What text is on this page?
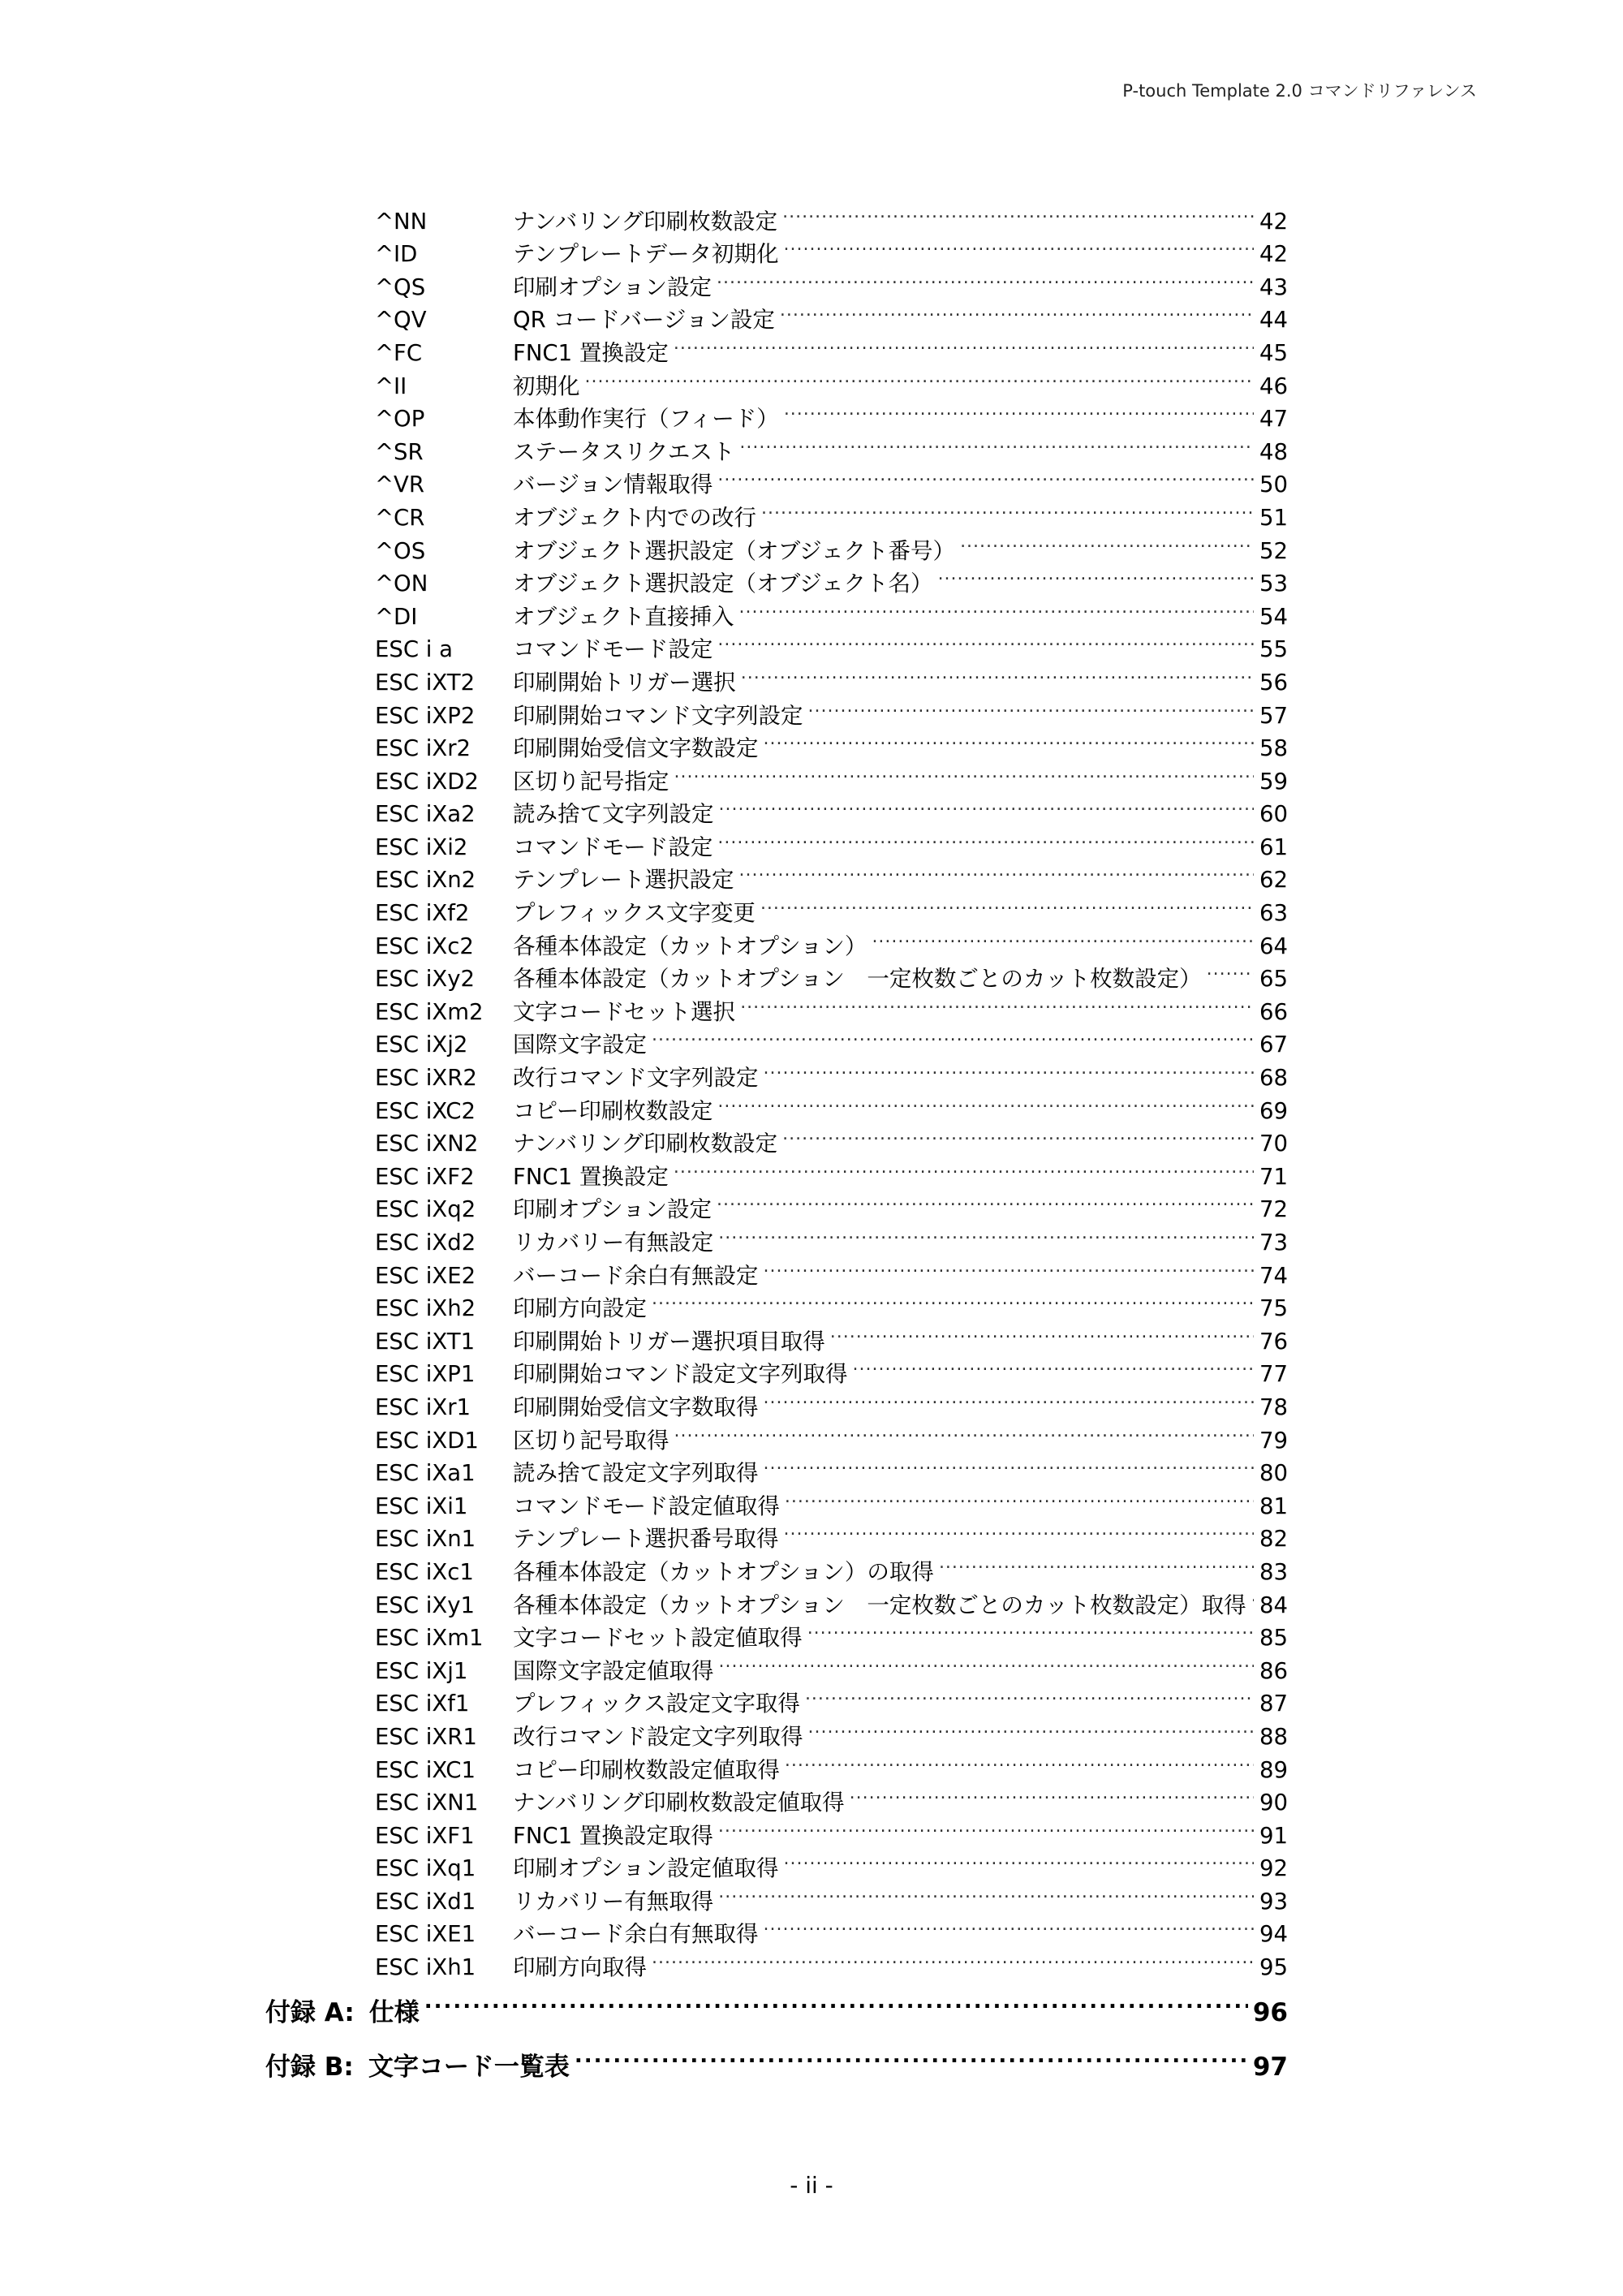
P-touch Template 2.0 コマンドリファレンス
^NN	ナンバリング印刷枚数設定 .....	42
^ID	テンプレートデータ初期化 .....	42
^QS	印刷オプション設定 .....	43
^QV	QR コードバージョン設定 .....	44
^FC	FNC1 置換設定 .....	45
^II	初期化 .....	46
^OP	本体動作実行（フィード） .....	47
^SR	ステータスリクエスト .....	48
^VR	バージョン情報取得 .....	50
^CR	オブジェクト内での改行 .....	51
^OS	オブジェクト選択設定（オブジェクト番号） .....	52
^ON	オブジェクト選択設定（オブジェクト名） .....	53
^DI	オブジェクト直接挿入 .....	54
ESC i a	コマンドモード設定 .....	55
ESC iXT2	印刷開始トリガー選択 .....	56
ESC iXP2	印刷開始コマンド文字列設定 .....	57
ESC iXr2	印刷開始受信文字数設定 .....	58
ESC iXD2	区切り記号指定 .....	59
ESC iXa2	読み捨て文字列設定 .....	60
ESC iXi2	コマンドモード設定 .....	61
ESC iXn2	テンプレート選択設定 .....	62
ESC iXf2	プレフィックス文字変更 .....	63
ESC iXc2	各種本体設定（カットオプション） .....	64
ESC iXy2	各種本体設定（カットオプション　一定枚数ごとのカット枚数設定） .....	65
ESC iXm2	文字コードセット選択 .....	66
ESC iXj2	国際文字設定 .....	67
ESC iXR2	改行コマンド文字列設定 .....	68
ESC iXC2	コピー印刷枚数設定 .....	69
ESC iXN2	ナンバリング印刷枚数設定 .....	70
ESC iXF2	FNC1 置換設定 .....	71
ESC iXq2	印刷オプション設定 .....	72
ESC iXd2	リカバリー有無設定 .....	73
ESC iXE2	バーコード余白有無設定 .....	74
ESC iXh2	印刷方向設定 .....	75
ESC iXT1	印刷開始トリガー選択項目取得 .....	76
ESC iXP1	印刷開始コマンド設定文字列取得 .....	77
ESC iXr1	印刷開始受信文字数取得 .....	78
ESC iXD1	区切り記号取得 .....	79
ESC iXa1	読み捨て設定文字列取得 .....	80
ESC iXi1	コマンドモード設定値取得 .....	81
ESC iXn1	テンプレート選択番号取得 .....	82
ESC iXc1	各種本体設定（カットオプション）の取得 .....	83
ESC iXy1	各種本体設定（カットオプション　一定枚数ごとのカット枚数設定）取得 ..... 84
ESC iXm1	文字コードセット設定値取得 .....	85
ESC iXj1	国際文字設定値取得 .....	86
ESC iXf1	プレフィックス設定文字取得 .....	87
ESC iXR1	改行コマンド設定文字列取得 .....	88
ESC iXC1	コピー印刷枚数設定値取得 .....	89
ESC iXN1	ナンバリング印刷枚数設定値取得 .....	90
ESC iXF1	FNC1 置換設定取得 .....	91
ESC iXq1	印刷オプション設定値取得 .....	92
ESC iXd1	リカバリー有無取得 .....	93
ESC iXE1	バーコード余白有無取得 .....	94
ESC iXh1	印刷方向取得 .....	95
付録 A: 仕様 .....	96
付録 B: 文字コード一覧表 .....	97
- ii -
